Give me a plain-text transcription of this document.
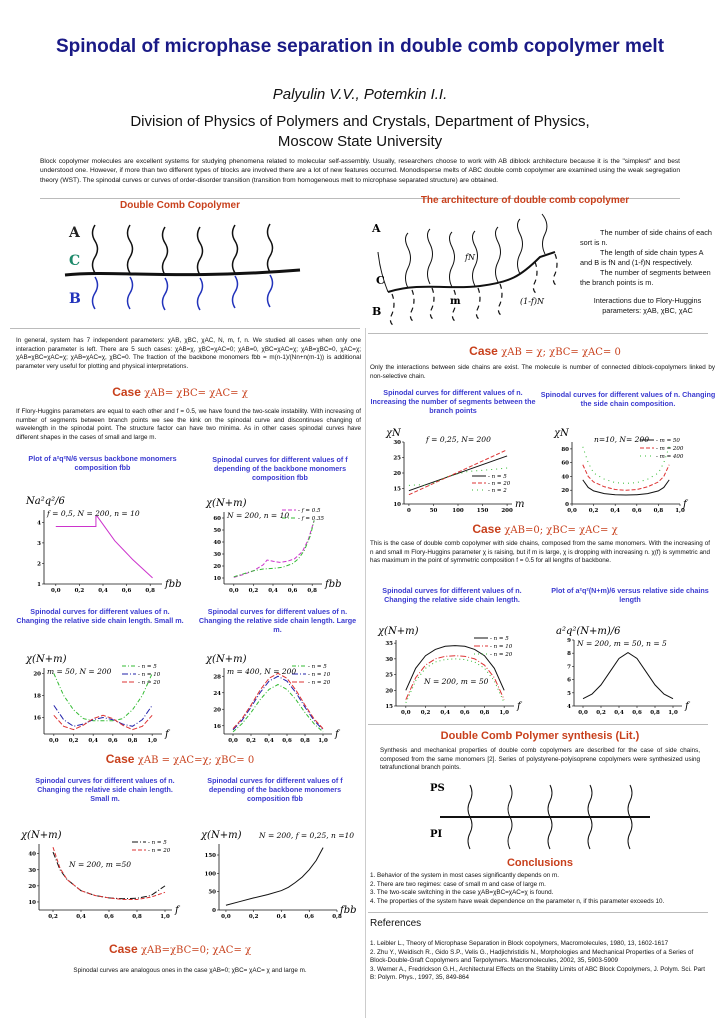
Spinodal of microphase separation in double comb copolymer melt
Palyulin V.V., Potemkin I.I.
Division of Physics of Polymers and Crystals, Department of Physics,
Moscow State University
Block copolymer molecules are excellent systems for studying phenomena related to molecular self-assembly. Usually, researchers choose to work with AB diblock architecture because it is the "simplest" and best understood one. However, if more than two different types of blocks are involved there are a lot of new features occurred. Monodisperse melts of ABC double comb copolymer are examined using the weak segregation theory (WST). The spinodal curves or curves of order-disorder transition (transition from homogeneous melt to microphase separated structure) are obtained.
Double Comb Copolymer
A
C
B
The architecture of double comb copolymer
A
C
B
m
fN
(1-f)N
The number of side chains of each sort is n.
The length of side chain types A and B is fN and (1-f)N respectively.
The number of segments between the branch points is m.
Interactions due to Flory-Huggins parameters: χAB, χBC, χAC
In general, system has 7 independent parameters: χAB, χBC, χAC, N, m, f, n. We studied all cases when only one interaction parameter is left. There are 5 such cases: χAB=χ, χBC=χAC=0; χAB=0, χBC=χAC=χ; χAB=χBC=0, χAC=χ; χAB=χBC=χAC=χ; χAB=χAC=χ, χBC=0. The fraction of the backbone monomers fbb = m(n-1)/(Nn+n(m-1)) is additional parameter very useful for plotting and physical interpretations.
Case χAB= χBC= χAC= χ
If Flory-Huggins parameters are equal to each other and f = 0.5, we have found the two-scale instability. With increasing of number of segments between branch points we see the kink on the spinodal curve and discontinues changing of wavelength in the spinodal point. The structure factor can have two minima. As in other cases spinodal curves have different shapes in the cases of small and large m.
Plot of a²q²N/6 versus backbone monomers composition fbb
Spinodal curves for different values of f depending of the backbone monomers composition fbb
0,0	0,2	0,4	0,6	0,8
1
2
3
4
Na²q²/6
fbb
f = 0,5, N = 200, n = 10
0,0 0,2 0,4 0,6 0,8
10
20
30
40
50
60
χ(N+m)
fbb
- f = 0.5
- f = 0.35
N = 200, n = 10
Spinodal curves for different values of n. Changing the relative side chain length. Small m.
Spinodal curves for different values of n. Changing the relative side chain length. Large m.
0,0 0,2 0,4 0,6 0,8 1,0
16
18
20
χ(N+m)
f
- n = 5
- n = 10
- n = 20
m = 50, N = 200
0,0 0,2 0,4 0,6 0,8 1,0
16
20
24
28
χ(N+m)
f
- n = 5
- n = 10
- n = 20
m = 400, N = 200
Case χAB = χAC=χ; χBC= 0
Spinodal curves for different values of n. Changing the relative side chain length. Small m.
Spinodal curves for different values of f depending of the backbone monomers composition fbb
0,2	0,4	0,6	0,8	1,0
10
20
30
40
χ(N+m)
f
- n = 5
- n = 20
N = 200, m =50
0,0	0,2	0,4	0,6	0,8
0
50
100
150
χ(N+m)
fbb
N = 200, f = 0,25, n =10
Case χAB=χBC=0; χAC= χ
Spinodal curves are analogous ones in the case χAB=0; χBC= χAC= χ and large m.
Case χAB = χ; χBC= χAC= 0
Only the interactions between side chains are exist. The molecule is number of connected diblock-copolymers linked by non-selective chain.
Spinodal curves for different values of n. Increasing the number of segments between the branch points
Spinodal curves for different values of n. Changing the side chain composition.
0	50	100 150 200
10
15
20
25
30
χN
m
- n = 5
- n = 20
- n = 2
f = 0,25, N= 200
0,0 0,2 0,4 0,6 0,8 1,0
0
20
40
60
80
χN
f
- m = 50
- m = 200
- m = 400
n=10, N= 200
Case χAB=0; χBC= χAC= χ
This is the case of double comb copolymer with side chains, composed from the same monomers. With the increasing of n and small m Flory-Huggins parameter χ is raising, but if m is large, χ is dropping with increasing n. χ(f) is symmetric and has maximum in the point of symmetric composition f = 0.5 for all lengths of backbone.
Spinodal curves for different values of n. Changing the relative side chain length.
Plot of a²q²(N+m)/6 versus relative side chains length
0,0 0,2 0,4 0,6 0,8 1,0
15
20
25
30
35
χ(N+m)
f
- n = 5
- n = 10
- n = 20
N = 200, m = 50
0,0 0,2 0,4 0,6 0,8 1,0
4
5
6
7
8
9
a²q²(N+m)/6
f
N = 200, m = 50, n = 5
Double Comb Polymer synthesis (Lit.)
Synthesis and mechanical properties of double comb copolymers are described for the case of side chains, composed from the same monomers [2]. Series of polystyrene-polyisoprene copolymers were synthesized using tetrafunctional branch points.
PS
PI
Conclusions
1. Behavior of the system in most cases significantly depends on m.
2. There are two regimes: case of small m and case of large m.
3. The two-scale switching in the case χAB=χBC=χAC=χ is found.
4. The properties of the system have weak dependence on the parameter n, if this parameter exceeds 10.
References
1. Leibler L., Theory of Microphase Separation in Block copolymers, Macromolecules, 1980, 13, 1602-1617
2. Zhu Y., Weidisch R., Gido S.P., Velis G., Hadjichristidis N., Morphologies and Mechanical Properties of a Series of Block-Double-Graft Copolymers and Terpolymers. Macromolecules, 2002, 35, 5903-5909
3. Werner A., Fredrickson G.H., Architectural Effects on the Stability Limits of ABC Block Copolymers, J. Polym. Sci. Part B: Polym. Phys., 1997, 35, 849-864
